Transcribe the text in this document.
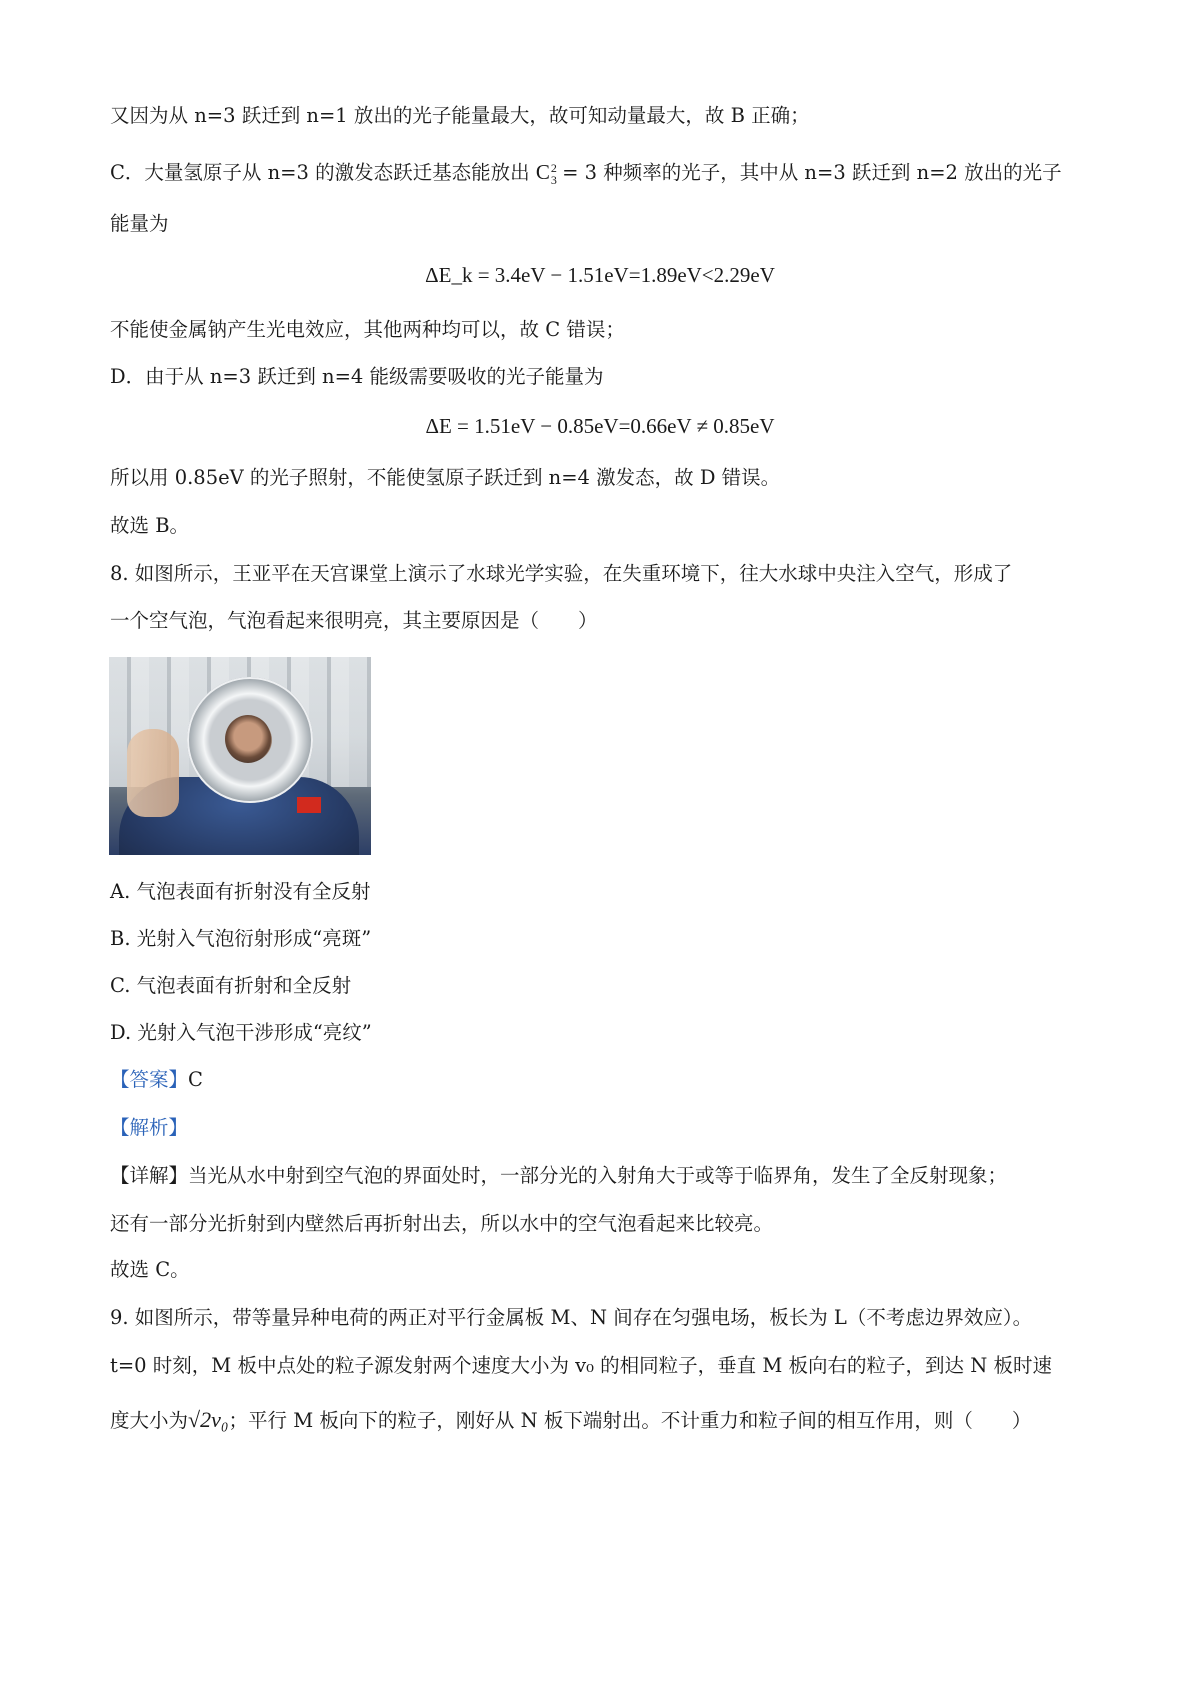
又因为从 n=3 跃迁到 n=1 放出的光子能量最大，故可知动量最大，故 B 正确；
C．大量氢原子从 n=3 的激发态跃迁基态能放出 C 2
3 = 3 种频率的光子，其中从 n=3 跃迁到 n=2 放出的光子
能量为
ΔE_k = 3.4eV − 1.51eV=1.89eV<2.29eV
不能使金属钠产生光电效应，其他两种均可以，故 C 错误；
D．由于从 n=3 跃迁到 n=4 能级需要吸收的光子能量为
ΔE = 1.51eV − 0.85eV=0.66eV ≠ 0.85eV
所以用 0.85eV 的光子照射，不能使氢原子跃迁到 n=4 激发态，故 D 错误。
故选 B。
8. 如图所示，王亚平在天宫课堂上演示了水球光学实验，在失重环境下，往大水球中央注入空气，形成了
一个空气泡，气泡看起来很明亮，其主要原因是（　　）
A. 气泡表面有折射没有全反射
B. 光射入气泡衍射形成“亮斑”
C. 气泡表面有折射和全反射
D. 光射入气泡干涉形成“亮纹”
【答案】C
【解析】
【详解】当光从水中射到空气泡的界面处时，一部分光的入射角大于或等于临界角，发生了全反射现象；
还有一部分光折射到内壁然后再折射出去，所以水中的空气泡看起来比较亮。
故选 C。
9. 如图所示，带等量异种电荷的两正对平行金属板 M、N 间存在匀强电场，板长为 L（不考虑边界效应）。
t=0 时刻，M 板中点处的粒子源发射两个速度大小为 v₀ 的相同粒子，垂直 M 板向右的粒子，到达 N 板时速
度大小为√2v₀；平行 M 板向下的粒子，刚好从 N 板下端射出。不计重力和粒子间的相互作用，则（　　）
